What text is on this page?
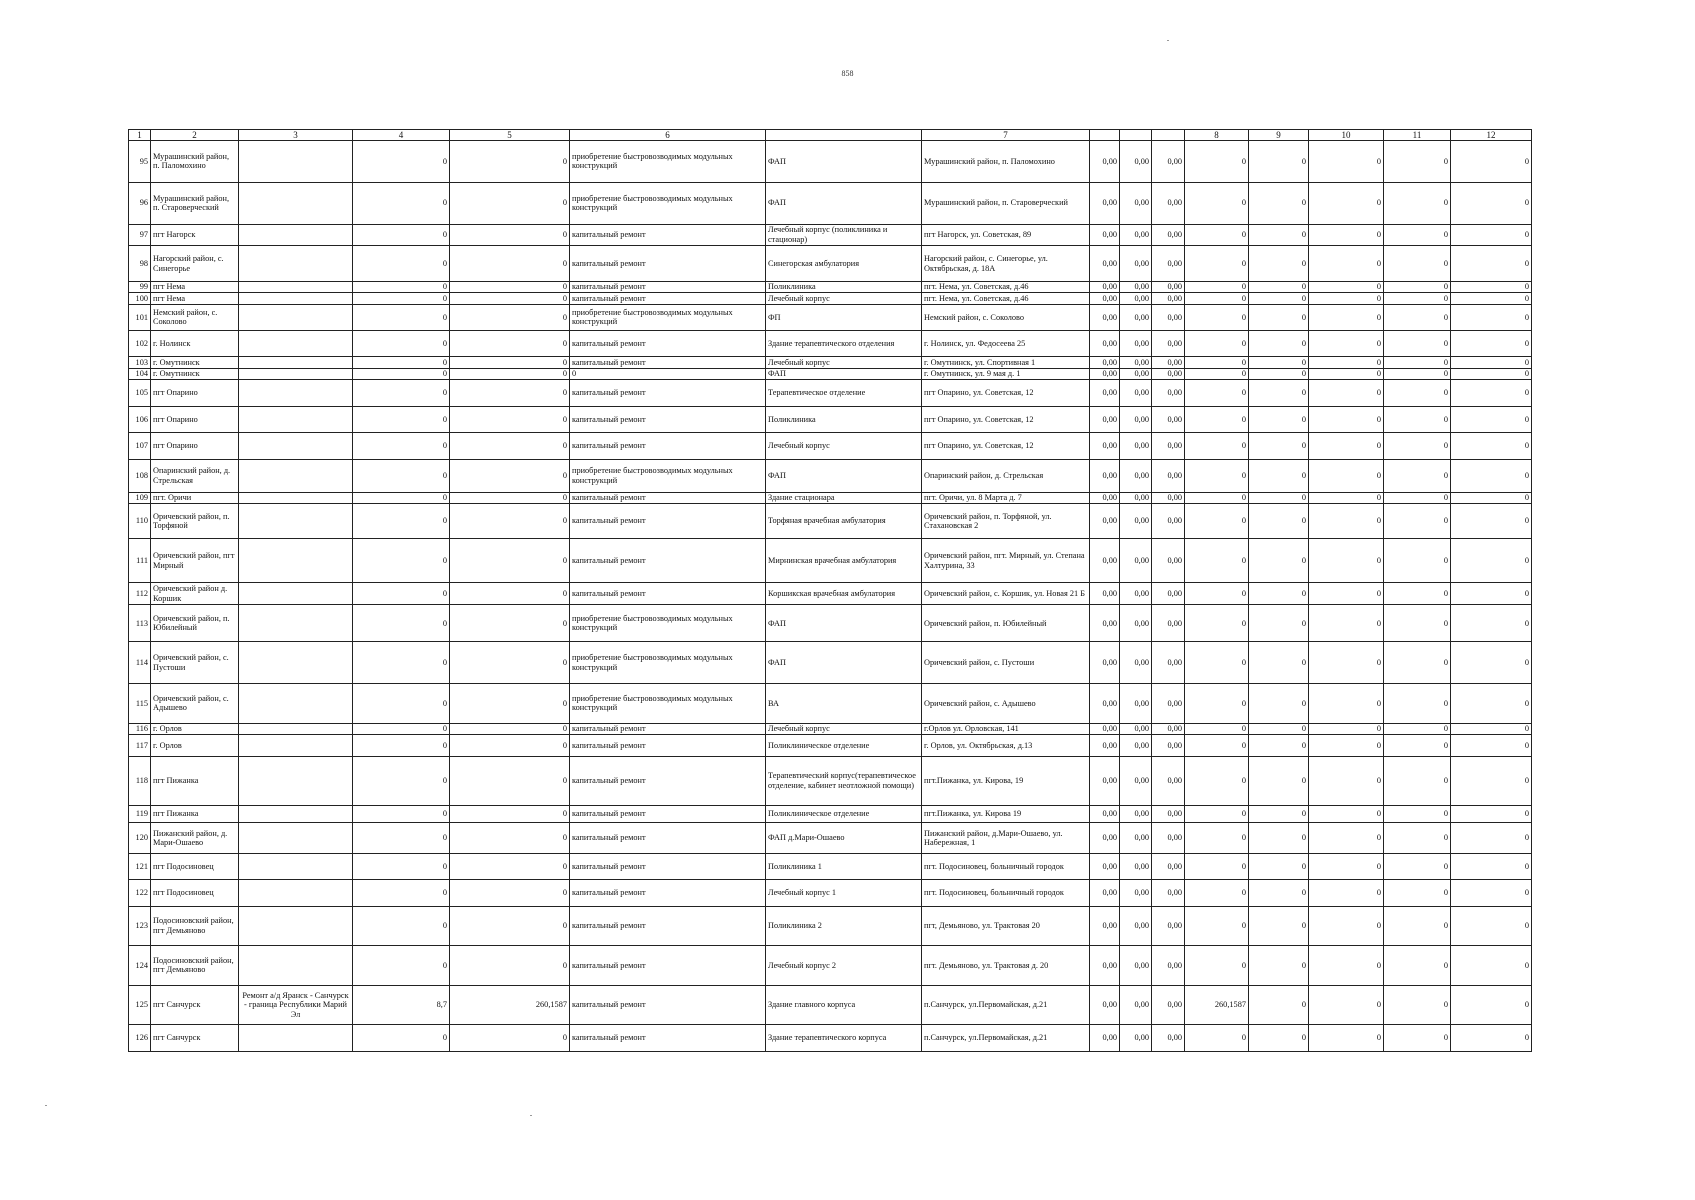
858
1	2	3	4	5	6		7				8	9	10	11	12
95	Мурашинский район, п. Паломохино		0	0	приобретение быстровозводимых модульных конструкций	ФАП	Мурашинский район, п. Паломохино	0,00	0,00	0,00	0	0	0	0	0
96	Мурашинский район, п. Староверческий		0	0	приобретение быстровозводимых модульных конструкций	ФАП	Мурашинский район, п. Староверческий	0,00	0,00	0,00	0	0	0	0	0
97	пгт Нагорск		0	0	капитальный ремонт	Лечебный корпус (поликлиника и стационар)	пгт Нагорск, ул. Советская, 89	0,00	0,00	0,00	0	0	0	0	0
98	Нагорский район, с. Синегорье		0	0	капитальный ремонт	Синегорская амбулатория	Нагорский район, с. Синегорье, ул. Октябрьская, д. 18А	0,00	0,00	0,00	0	0	0	0	0
99	пгт Нема		0	0	капитальный ремонт	Поликлиника	пгт. Нема, ул. Советская, д.46	0,00	0,00	0,00	0	0	0	0	0
100	пгт Нема		0	0	капитальный ремонт	Лечебный корпус	пгт. Нема, ул. Советская, д.46	0,00	0,00	0,00	0	0	0	0	0
101	Немский район, с. Соколово		0	0	приобретение быстровозводимых модульных конструкций	ФП	Немский район, с. Соколово	0,00	0,00	0,00	0	0	0	0	0
102	г. Нолинск		0	0	капитальный ремонт	Здание терапевтического отделения	г. Нолинск, ул. Федосеева 25	0,00	0,00	0,00	0	0	0	0	0
103	г. Омутнинск		0	0	капитальный ремонт	Лечебный корпус	г. Омутнинск, ул. Спортивная 1	0,00	0,00	0,00	0	0	0	0	0
104	г. Омутнинск		0	0	0	ФАП	г. Омутнинск, ул. 9 мая д. 1	0,00	0,00	0,00	0	0	0	0	0
105	пгт Опарино		0	0	капитальный ремонт	Терапевтическое отделение	пгт Опарино, ул. Советская, 12	0,00	0,00	0,00	0	0	0	0	0
106	пгт Опарино		0	0	капитальный ремонт	Поликлиника	пгт Опарино, ул. Советская, 12	0,00	0,00	0,00	0	0	0	0	0
107	пгт Опарино		0	0	капитальный ремонт	Лечебный корпус	пгт Опарино, ул. Советская, 12	0,00	0,00	0,00	0	0	0	0	0
108	Опаринский район, д. Стрельская		0	0	приобретение быстровозводимых модульных конструкций	ФАП	Опаринский район, д. Стрельская	0,00	0,00	0,00	0	0	0	0	0
109	пгт. Оричи		0	0	капитальный ремонт	Здание стационара	пгт. Оричи, ул. 8 Марта д. 7	0,00	0,00	0,00	0	0	0	0	0
110	Оричевский район, п. Торфяной		0	0	капитальный ремонт	Торфяная врачебная амбулатория	Оричевский район, п. Торфяной, ул. Стахановская 2	0,00	0,00	0,00	0	0	0	0	0
111	Оричевский район, пгт Мирный		0	0	капитальный ремонт	Мирнинская врачебная амбулатория	Оричевский район, пгт. Мирный, ул. Степана Халтурина, 33	0,00	0,00	0,00	0	0	0	0	0
112	Оричевский район д. Коршик		0	0	капитальный ремонт	Коршикская врачебная амбулатория	Оричевский район, с. Коршик, ул. Новая 21 Б	0,00	0,00	0,00	0	0	0	0	0
113	Оричевский район, п. Юбилейный		0	0	приобретение быстровозводимых модульных конструкций	ФАП	Оричевский район, п. Юбилейный	0,00	0,00	0,00	0	0	0	0	0
114	Оричевский район, с. Пустоши		0	0	приобретение быстровозводимых модульных конструкций	ФАП	Оричевский район, с. Пустоши	0,00	0,00	0,00	0	0	0	0	0
115	Оричевский район, с. Адышево		0	0	приобретение быстровозводимых модульных конструкций	ВА	Оричевский район, с. Адышево	0,00	0,00	0,00	0	0	0	0	0
116	г. Орлов		0	0	капитальный ремонт	Лечебный корпус	г.Орлов ул. Орловская, 141	0,00	0,00	0,00	0	0	0	0	0
117	г. Орлов		0	0	капитальный ремонт	Поликлиническое отделение	г. Орлов, ул. Октябрьская, д.13	0,00	0,00	0,00	0	0	0	0	0
118	пгт Пижанка		0	0	капитальный ремонт	Терапевтический корпус(терапевтическое отделение, кабинет неотложной помощи)	пгт.Пижанка, ул. Кирова, 19	0,00	0,00	0,00	0	0	0	0	0
119	пгт Пижанка		0	0	капитальный ремонт	Поликлиническое отделение	пгт.Пижанка, ул. Кирова 19	0,00	0,00	0,00	0	0	0	0	0
120	Пижанский район, д. Мари-Ошаево		0	0	капитальный ремонт	ФАП д.Мари-Ошаево	Пижанский район, д.Мари-Ошаево, ул. Набережная, 1	0,00	0,00	0,00	0	0	0	0	0
121	пгт Подосиновец		0	0	капитальный ремонт	Поликлиника 1	пгт. Подосиновец, больничный городок	0,00	0,00	0,00	0	0	0	0	0
122	пгт Подосиновец		0	0	капитальный ремонт	Лечебный корпус 1	пгт. Подосиновец, больничный городок	0,00	0,00	0,00	0	0	0	0	0
123	Подосиновский район, пгт Демьяново		0	0	капитальный ремонт	Поликлиника 2	пгт, Демьяново, ул. Трактовая 20	0,00	0,00	0,00	0	0	0	0	0
124	Подосиновский район, пгт Демьяново		0	0	капитальный ремонт	Лечебный корпус 2	пгт. Демьяново, ул. Трактовая д. 20	0,00	0,00	0,00	0	0	0	0	0
125	пгт Санчурск	Ремонт а/д Яранск - Санчурск - граница Республики Марий Эл	8,7	260,1587	капитальный ремонт	Здание главного корпуса	п.Санчурск, ул.Первомайская, д.21	0,00	0,00	0,00	260,1587	0	0	0	0
126	пгт Санчурск		0	0	капитальный ремонт	Здание терапевтического корпуса	п.Санчурск, ул.Первомайская, д.21	0,00	0,00	0,00	0	0	0	0	0
